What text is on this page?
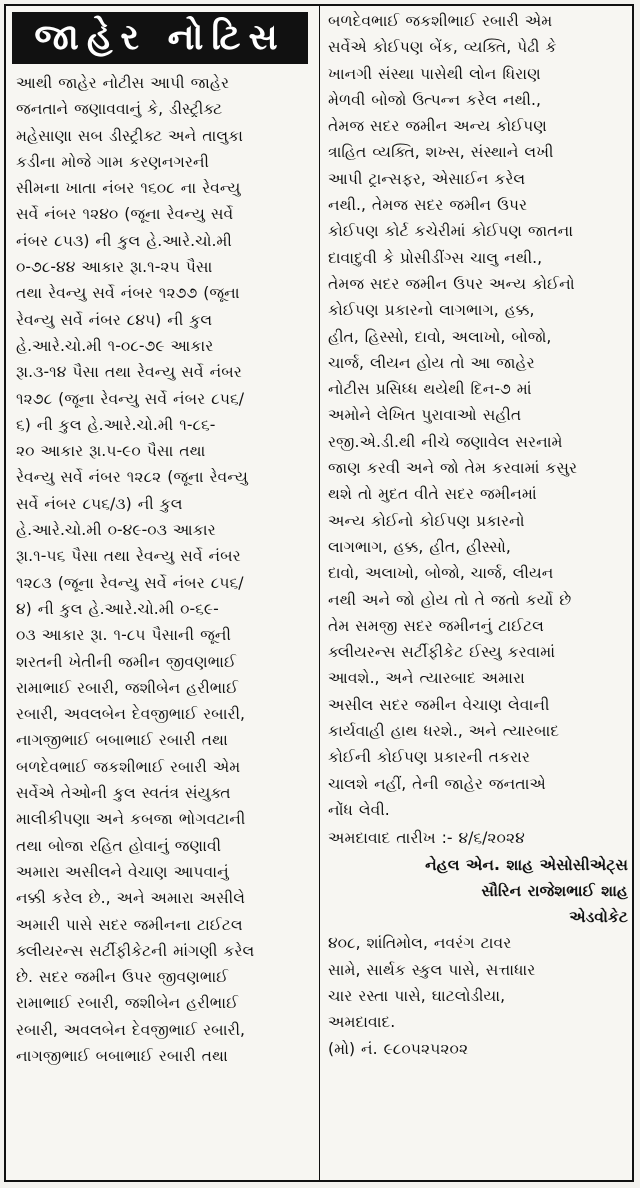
જાહેર નોટિસ
આથી જાહેર નોટીસ આપી જાહેર
જનતાને જણાવવાનું કે, ડીસ્ટ્રીક્ટ
મહેસાણા સબ ડીસ્ટ્રીક્ટ અને તાલુકા
કડીના મોજે ગામ કરણનગરની
સીમના ખાતા નંબર ૧૬૦૮ ના રેવન્યુ
સર્વે નંબર ૧૨૪૦ (જૂના રેવન્યુ સર્વે
નંબર ૮૫૩) ની કુલ હે.આરે.ચો.મી
૦-૭૮-૪૪ આકાર રૂા.૧-૨૫ પૈસા
તથા રેવન્યુ સર્વે નંબર ૧૨૭૭ (જૂના
રેવન્યુ સર્વે નંબર ૮૪૫) ની કુલ
હે.આરે.ચો.મી ૧-૦૮-૭૯ આકાર
રૂા.૩-૧૪ પૈસા તથા રેવન્યુ સર્વે નંબર
૧૨૭૮ (જૂના રેવન્યુ સર્વે નંબર ૮૫૬/
૬) ની કુલ હે.આરે.ચો.મી ૧-૮૬-
૨૦ આકાર રૂા.૫-૯૦ પૈસા તથા
રેવન્યુ સર્વે નંબર ૧૨૮૨ (જૂના રેવન્યુ
સર્વે નંબર ૮૫૬/૩) ની કુલ
હે.આરે.ચો.મી ૦-૪૯-૦૩ આકાર
રૂા.૧-૫૬ પૈસા તથા રેવન્યુ સર્વે નંબર
૧૨૮૩ (જૂના રેવન્યુ સર્વે નંબર ૮૫૬/
૪) ની કુલ હે.આરે.ચો.મી ૦-૬૯-
૦૩ આકાર રૂા. ૧-૮૫ પૈસાની જૂની
શરતની ખેતીની જમીન જીવણભાઈ
રામાભાઈ રબારી, જશીબેન હરીભાઈ
રબારી, અવલબેન દેવજીભાઈ રબારી,
નાગજીભાઈ બબાભાઈ રબારી તથા
બળદેવભાઈ જકશીભાઈ રબારી એમ
સર્વેએ તેઓની કુલ સ્વતંત્ર સંયુક્ત
માલીકીપણા અને કબજા ભોગવટાની
તથા બોજા રહિત હોવાનું જણાવી
અમારા અસીલને વેચાણ આપવાનું
નક્કી કરેલ છે., અને અમારા અસીલે
અમારી પાસે સદર જમીનના ટાઈટલ
ક્લીયરન્સ સર્ટીફીકેટની માંગણી કરેલ
છે. સદર જમીન ઉપર જીવણભાઈ
રામાભાઈ રબારી, જશીબેન હરીભાઈ
રબારી, અવલબેન દેવજીભાઈ રબારી,
નાગજીભાઈ બબાભાઈ રબારી તથા
બળદેવભાઈ જકશીભાઈ રબારી એમ
સર્વેએ કોઈપણ બેંક, વ્યક્તિ, પેઢી કે
ખાનગી સંસ્થા પાસેથી લોન ધિરાણ
મેળવી બોજો ઉત્પન્ન કરેલ નથી.,
તેમજ સદર જમીન અન્ય કોઈપણ
ત્રાહિત વ્યક્તિ, શખ્સ, સંસ્થાને લખી
આપી ટ્રાન્સફર, એસાઈન કરેલ
નથી., તેમજ સદર જમીન ઉપર
કોઈપણ કોર્ટ કચેરીમાં કોઈપણ જાતના
દાવાદુવી કે પ્રોસીડીંગ્સ ચાલુ નથી.,
તેમજ સદર જમીન ઉપર અન્ય કોઈનો
કોઈપણ પ્રકારનો લાગભાગ, હક્ક,
હીત, હિસ્સો, દાવો, અલાખો, બોજો,
ચાર્જ, લીયન હોય તો આ જાહેર
નોટીસ પ્રસિધ્ધ થયેથી દિન-૭ માં
અમોને લેખિત પુરાવાઓ સહીત
રજી.એ.ડી.થી નીચે જણાવેલ સરનામે
જાણ કરવી અને જો તેમ કરવામાં કસુર
થશે તો મુદત વીતે સદર જમીનમાં
અન્ય કોઈનો કોઈપણ પ્રકારનો
લાગભાગ, હક્ક, હીત, હીસ્સો,
દાવો, અલાખો, બોજો, ચાર્જ, લીયન
નથી અને જો હોય તો તે જતો કર્યો છે
તેમ સમજી સદર જમીનનું ટાઈટલ
ક્લીયરન્સ સર્ટીફીકેટ ઈસ્યુ કરવામાં
આવશે., અને ત્યારબાદ અમારા
અસીલ સદર જમીન વેચાણ લેવાની
કાર્યવાહી હાથ ધરશે., અને ત્યારબાદ
કોઈની કોઈપણ પ્રકારની તકરાર
ચાલશે નહીં, તેની જાહેર જનતાએ
નોંધ લેવી.
અમદાવાદ તારીખ :- ૪/૬/૨૦૨૪
નેહલ એન. શાહ એસોસીએટ્સ
સૌરિન રાજેશભાઈ શાહ
એડવોકેટ
૪૦૮, શાંતિમોલ, નવરંગ ટાવર
સામે, સાર્થક સ્કુલ પાસે, સત્તાધાર
ચાર રસ્તા પાસે, ઘાટલોડીયા,
અમદાવાદ.
(મો) નં. ૯૮૦૫૨૫૨૦૨
